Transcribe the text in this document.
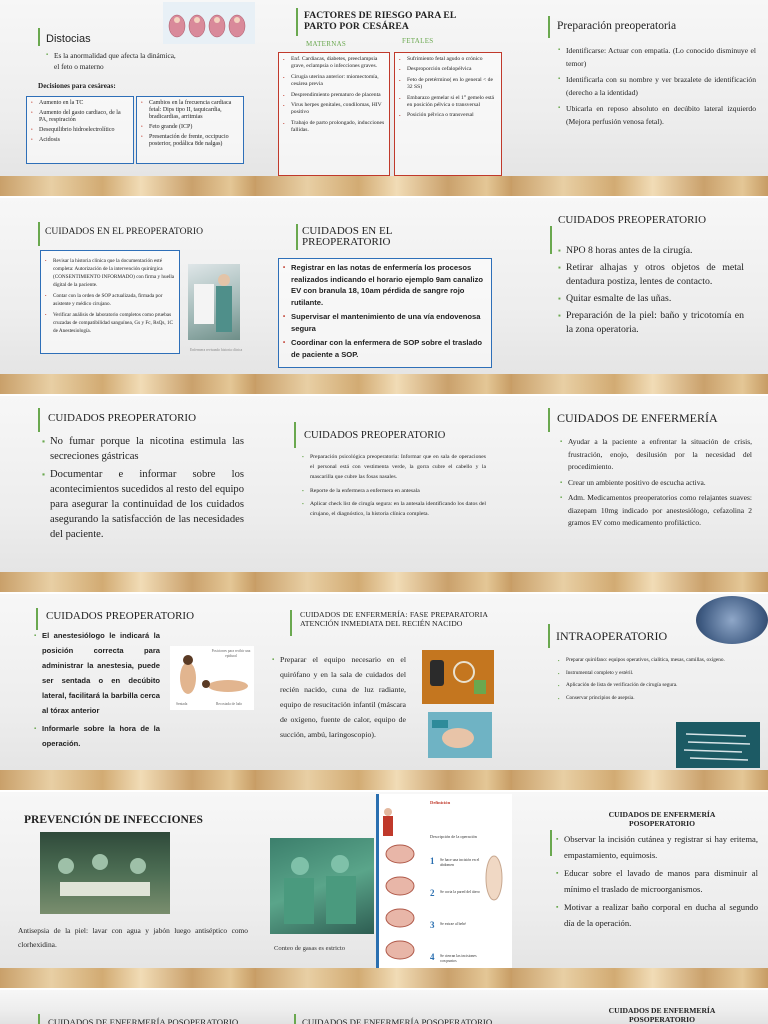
Distocias
▪ Es la anormalidad que afecta la dinámica, el feto o materno
Decisiones para cesáreas:
• Aumento en la TC
• Aumento del gasto cardiaco, de la PA, respiración
• Desequilibrio hidroelectrolítico
• Acidosis
• Cambios en la frecuencia cardiaca fetal: Dips tipo II, taquicardia, bradicardias, arritmias
• Feto grande (ICP)
• Presentación de frente, occipucio posterior, podálica 8de nalgas)
FACTORES DE RIESGO PARA EL PARTO POR CESÁREA
MATERNAS	FETALES
• Enf. Cardiacas, diabetes, preeclampsia grave, eclampsia o infecciones graves.
• Cirugía uterina anterior: miomectomía, cesárea previa
• Desprendimiento prematuro de placenta
• Virus herpes genitales, condilomas, HIV positivo
• Trabajo de parto prolongado, inducciones fallidas.
• Sufrimiento fetal agudo o crónico
• Desproporción cefalopélvica
• Feto de pretérmino( en lo general < de 32 SS)
• Embarazo gemelar si el 1° gemelo está en posición pélvica o transversal
• Posición pélvica o transversal
Preparación preoperatoria
▪ Identificarse: Actuar con empatía. (Lo conocido disminuye el temor)
▪ Identificarla con su nombre y ver brazalete de identificación (derecho a la identidad)
▪ Ubicarla en reposo absoluto en decúbito lateral izquierdo (Mejora perfusión venosa fetal).
CUIDADOS EN EL PREOPERATORIO
• Revisar la historia clínica que la documentación esté completa: Autorización de la intervención quirúrgica (CONSENTIMIENTO INFORMADO) con firma y huella digital de la paciente.
• Contar con la orden de SOP actualizada, firmada por asistente y médico cirujano.
• Verificar análisis de laboratorio completos como pruebas cruzadas de compatibilidad sanguínea, Gs y Fc, RsQs, 1C de Anestesiología.
Enfermera revisando historia clínica
CUIDADOS EN EL PREOPERATORIO
• Registrar en las notas de enfermería los procesos realizados indicando el horario ejemplo 9am canalizo EV con branula 18, 10am pérdida de sangre rojo rutilante.
• Supervisar el mantenimiento de una vía endovenosa segura
• Coordinar con la enfermera de SOP sobre el traslado de paciente a SOP.
CUIDADOS PREOPERATORIO
▪ NPO 8 horas antes de la cirugía.
▪ Retirar alhajas y otros objetos de metal dentadura postiza, lentes de contacto.
▪ Quitar esmalte de las uñas.
▪ Preparación de la piel: baño y tricotomía en la zona operatoria.
CUIDADOS PREOPERATORIO
▪ No fumar porque la nicotina estimula las secreciones gástricas
▪ Documentar e informar sobre los acontecimientos sucedidos al resto del equipo para asegurar la continuidad de los cuidados asegurando la satisfacción de las necesidades del paciente.
CUIDADOS PREOPERATORIO
▪ Preparación psicológica preoperatoria: Informar que en sala de operaciones el personal está con vestimenta verde, la gorra cubre el cabello y la mascarilla que cubre las fosas nasales.
▪ Reporte de la enfermera a enfermera en antesala
▪ Aplicar check list de cirugía segura: en la antesala identificando los datos del cirujano, el diagnóstico, la historia clínica completa.
CUIDADOS DE ENFERMERÍA
▪ Ayudar a la paciente a enfrentar la situación de crisis, frustración, enojo, desilusión por la necesidad del procedimiento.
▪ Crear un ambiente positivo de escucha activa.
▪ Adm. Medicamentos preoperatorios como relajantes suaves: diazepam 10mg indicado por anestesiólogo, cefazolina 2 gramos EV como medicamento profiláctico.
CUIDADOS PREOPERATORIO
▪ El anestesiólogo le indicará la posición correcta para administrar la anestesia, puede ser sentada o en decúbito lateral, facilitará la barbilla cerca al tórax anterior
▪ Informarle sobre la hora de la operación.
Posiciones para recibir una epidural
Sentada	Recostada de lado
CUIDADOS DE ENFERMERÍA: FASE PREPARATORIA ATENCIÓN INMEDIATA DEL RECIÉN NACIDO
▪ Preparar el equipo necesario en el quirófano y en la sala de cuidados del recién nacido, cuna de luz radiante, equipo de resucitación infantil (máscara de oxígeno, fuente de calor, equipo de succión, ambú, laringoscopio).
INTRAOPERATORIO
▪ Preparar quirófano: equipos operativos, cialítica, mesas, camillas, oxígeno.
▪ Instrumental completo y estéril.
▪ Aplicación de lista de verificación de cirugía segura.
▪ Conservar principios de asepsia.
PREVENCIÓN DE INFECCIONES
Antisepsia de la piel: lavar con agua y jabón luego antiséptico como clorhexidina.	Conteo de gasas es estricto
Definición
Descripción de la operación
1 Se hace una incisión en el abdomen
2 Se corta la pared del útero
3 Se extrae al bebé
4 Se cierran las incisiones con puntos
CUIDADOS DE ENFERMERÍA POSOPERATORIO
▪ Observar la incisión cutánea y registrar si hay eritema, empastamiento, equimosis.
▪ Educar sobre el lavado de manos para disminuir al mínimo el traslado de microorganismos.
▪ Motivar a realizar baño corporal en ducha al segundo día de la operación.
CUIDADOS DE ENFERMERÍA POSOPERATORIO	CUIDADOS DE ENFERMERÍA POSOPERATORIO
CUIDADOS DE ENFERMERÍA POSOPERATORIO
